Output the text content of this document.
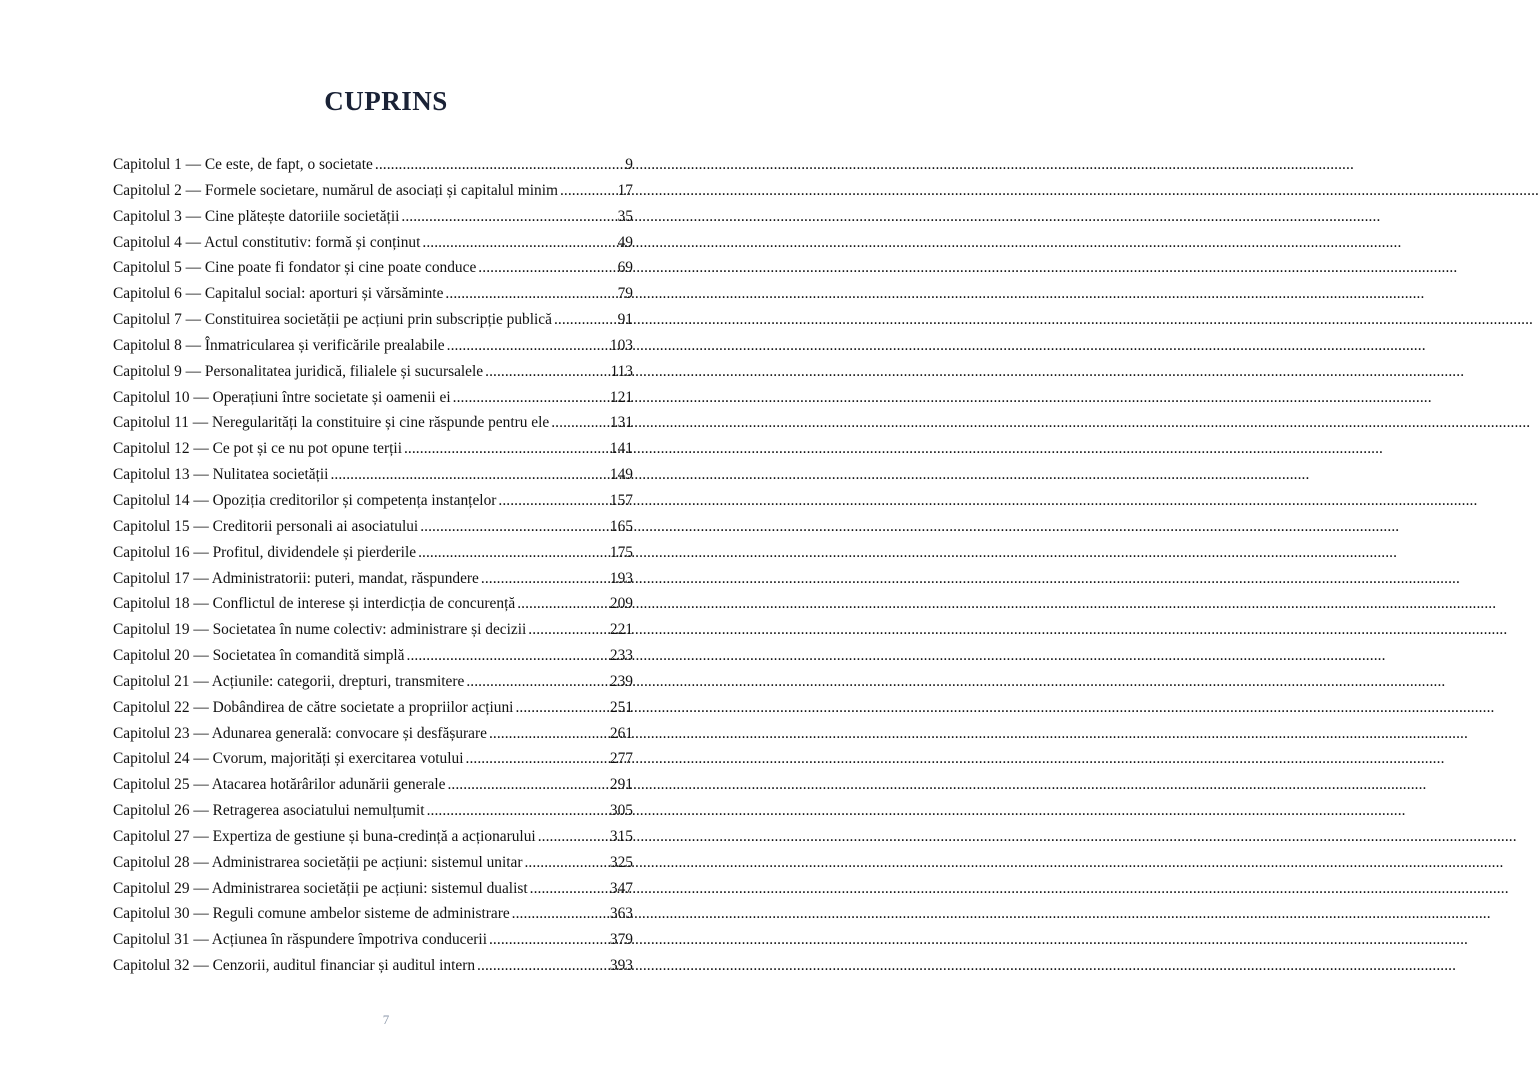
CUPRINS
Capitolul 1 — Ce este, de fapt, o societate .....	9
Capitolul 2 — Formele societare, numărul de asociați și capitalul minim .....	17
Capitolul 3 — Cine plătește datoriile societății .....	35
Capitolul 4 — Actul constitutiv: formă și conținut .....	49
Capitolul 5 — Cine poate fi fondator și cine poate conduce .....	69
Capitolul 6 — Capitalul social: aporturi și vărsăminte .....	79
Capitolul 7 — Constituirea societății pe acțiuni prin subscripție publică .....	91
Capitolul 8 — Înmatricularea și verificările prealabile .....	103
Capitolul 9 — Personalitatea juridică, filialele și sucursalele .....	113
Capitolul 10 — Operațiuni între societate și oamenii ei .....	121
Capitolul 11 — Neregularități la constituire și cine răspunde pentru ele .....	131
Capitolul 12 — Ce pot și ce nu pot opune terții .....	141
Capitolul 13 — Nulitatea societății .....	149
Capitolul 14 — Opoziția creditorilor și competența instanțelor .....	157
Capitolul 15 — Creditorii personali ai asociatului .....	165
Capitolul 16 — Profitul, dividendele și pierderile .....	175
Capitolul 17 — Administratorii: puteri, mandat, răspundere .....	193
Capitolul 18 — Conflictul de interese și interdicția de concurență .....	209
Capitolul 19 — Societatea în nume colectiv: administrare și decizii .....	221
Capitolul 20 — Societatea în comandită simplă .....	233
Capitolul 21 — Acțiunile: categorii, drepturi, transmitere .....	239
Capitolul 22 — Dobândirea de către societate a propriilor acțiuni .....	251
Capitolul 23 — Adunarea generală: convocare și desfășurare .....	261
Capitolul 24 — Cvorum, majorități și exercitarea votului .....	277
Capitolul 25 — Atacarea hotărârilor adunării generale .....	291
Capitolul 26 — Retragerea asociatului nemulțumit .....	305
Capitolul 27 — Expertiza de gestiune și buna-credință a acționarului .....	315
Capitolul 28 — Administrarea societății pe acțiuni: sistemul unitar .....	325
Capitolul 29 — Administrarea societății pe acțiuni: sistemul dualist .....	347
Capitolul 30 — Reguli comune ambelor sisteme de administrare .....	363
Capitolul 31 — Acțiunea în răspundere împotriva conducerii .....	379
Capitolul 32 — Cenzorii, auditul financiar și auditul intern .....	393
7
